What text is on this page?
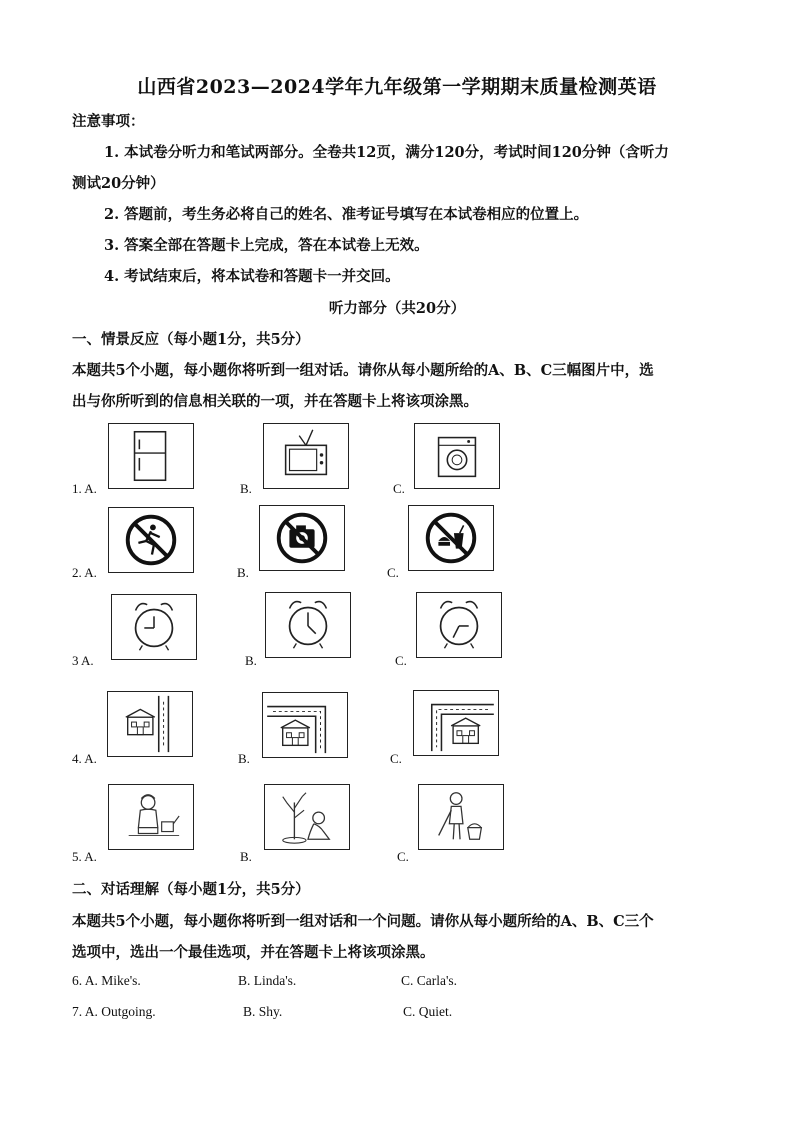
山西省2023—2024学年九年级第一学期期末质量检测英语
注意事项：
1. 本试卷分听力和笔试两部分。全卷共12页，满分120分，考试时间120分钟（含听力
测试20分钟）
2. 答题前，考生务必将自己的姓名、准考证号填写在本试卷相应的位置上。
3. 答案全部在答题卡上完成，答在本试卷上无效。
4. 考试结束后，将本试卷和答题卡一并交回。
听力部分（共20分）
一、情景反应（每小题1分，共5分）
本题共5个小题，每小题你将听到一组对话。请你从每小题所给的A、B、C三幅图片中，选
出与你所听到的信息相关联的一项，并在答题卡上将该项涂黑。
1. A.	B.	C.
2. A.	B.	C.
3 A.	B.	C.
4. A.	B.	C.
5. A.	B.	C.
二、对话理解（每小题1分，共5分）
本题共5个小题，每小题你将听到一组对话和一个问题。请你从每小题所给的A、B、C三个
选项中，选出一个最佳选项，并在答题卡上将该项涂黑。
6. A. Mike's.	B. Linda's.	C. Carla's.
7. A. Outgoing.	B. Shy.	C. Quiet.
